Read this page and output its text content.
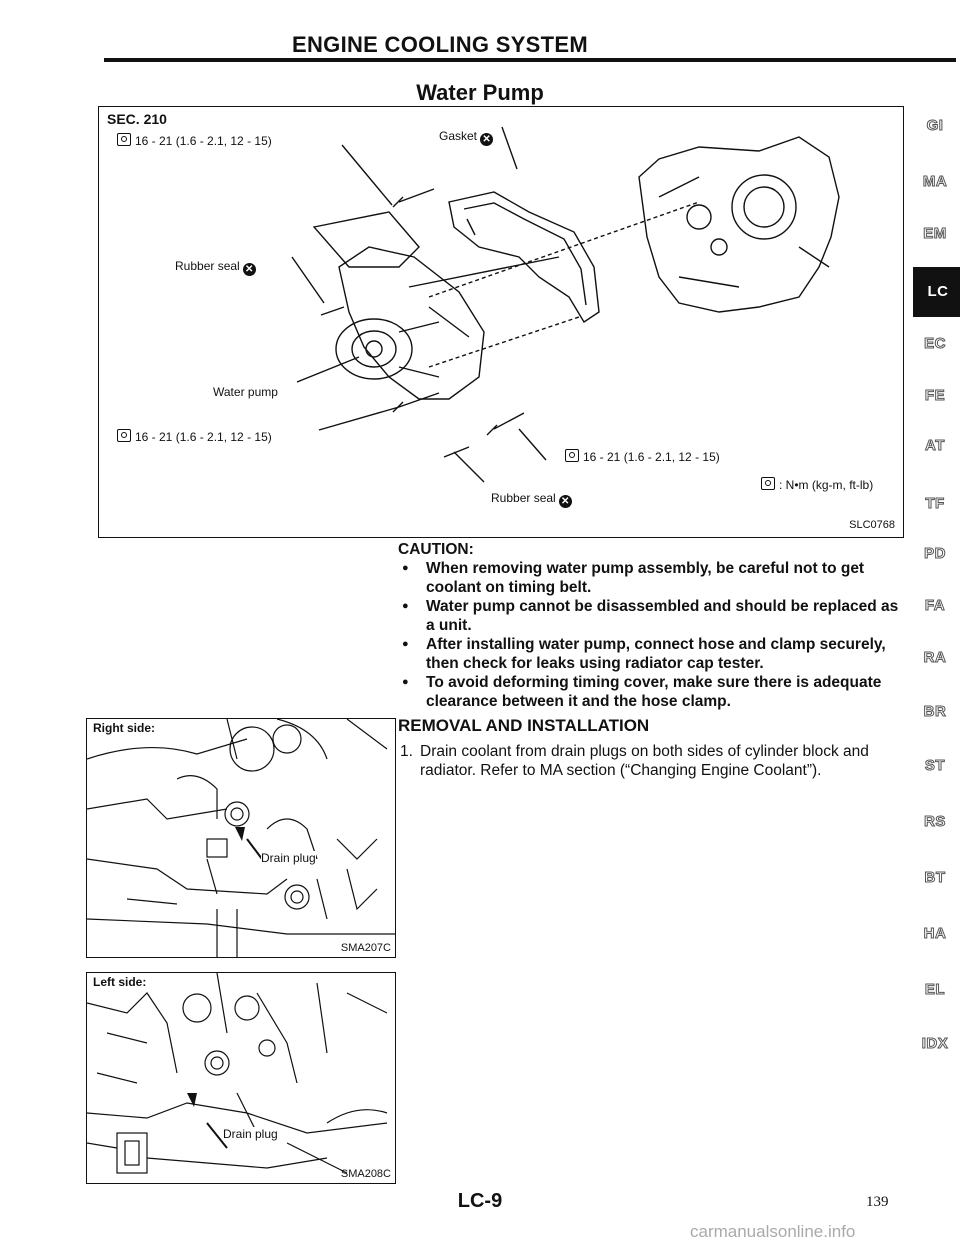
ENGINE COOLING SYSTEM
Water Pump
SEC. 210
16 - 21 (1.6 - 2.1, 12 - 15)	Gasket ✕
Rubber seal ✕
Water pump
16 - 21 (1.6 - 2.1, 12 - 15)
16 - 21 (1.6 - 2.1, 12 - 15)
Rubber seal ✕
: N•m (kg-m, ft-lb)
SLC0768
CAUTION:
● When removing water pump assembly, be careful not to get coolant on timing belt.
● Water pump cannot be disassembled and should be replaced as a unit.
● After installing water pump, connect hose and clamp securely, then check for leaks using radiator cap tester.
● To avoid deforming timing cover, make sure there is adequate clearance between it and the hose clamp.
REMOVAL AND INSTALLATION
1. Drain coolant from drain plugs on both sides of cylinder block and radiator. Refer to MA section (“Changing Engine Coolant”).
Right side:
Drain plug
SMA207C
Left side:
Drain plug
SMA208C
GI
MA
EM
LC
EC
FE
AT
TF
PD
FA
RA
BR
ST
RS
BT
HA
EL
IDX
LC-9	139
carmanualsonline.info
